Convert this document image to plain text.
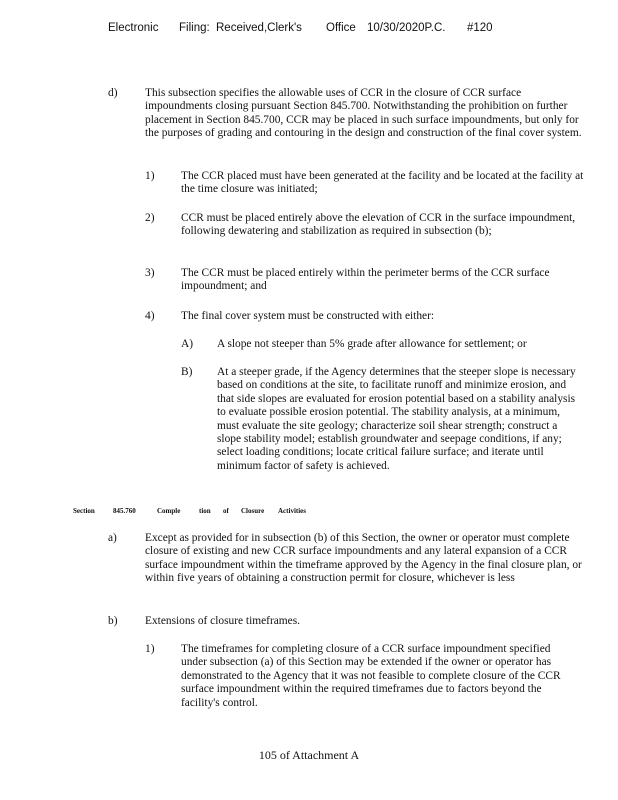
Electronic Filing: Received,Clerk's Office 10/30/2020P.C. #120
d) This subsection specifies the allowable uses of CCR in the closure of CCR surface impoundments closing pursuant Section 845.700. Notwithstanding the prohibition on further placement in Section 845.700, CCR may be placed in such surface impoundments, but only for the purposes of grading and contouring in the design and construction of the final cover system.
1) The CCR placed must have been generated at the facility and be located at the facility at the time closure was initiated;
2) CCR must be placed entirely above the elevation of CCR in the surface impoundment, following dewatering and stabilization as required in subsection (b);
3) The CCR must be placed entirely within the perimeter berms of the CCR surface impoundment; and
4) The final cover system must be constructed with either:
A) A slope not steeper than 5% grade after allowance for settlement; or
B) At a steeper grade, if the Agency determines that the steeper slope is necessary based on conditions at the site, to facilitate runoff and minimize erosion, and that side slopes are evaluated for erosion potential based on a stability analysis to evaluate possible erosion potential. The stability analysis, at a minimum, must evaluate the site geology; characterize soil shear strength; construct a slope stability model; establish groundwater and seepage conditions, if any; select loading conditions; locate critical failure surface; and iterate until minimum factor of safety is achieved.
Section	845.760	Comple	tion of Closure Activities
a) Except as provided for in subsection (b) of this Section, the owner or operator must complete closure of existing and new CCR surface impoundments and any lateral expansion of a CCR surface impoundment within the timeframe approved by the Agency in the final closure plan, or within five years of obtaining a construction permit for closure, whichever is less
b) Extensions of closure timeframes.
1) The timeframes for completing closure of a CCR surface impoundment specified under subsection (a) of this Section may be extended if the owner or operator has demonstrated to the Agency that it was not feasible to complete closure of the CCR surface impoundment within the required timeframes due to factors beyond the facility's control.
105 of Attachment A
